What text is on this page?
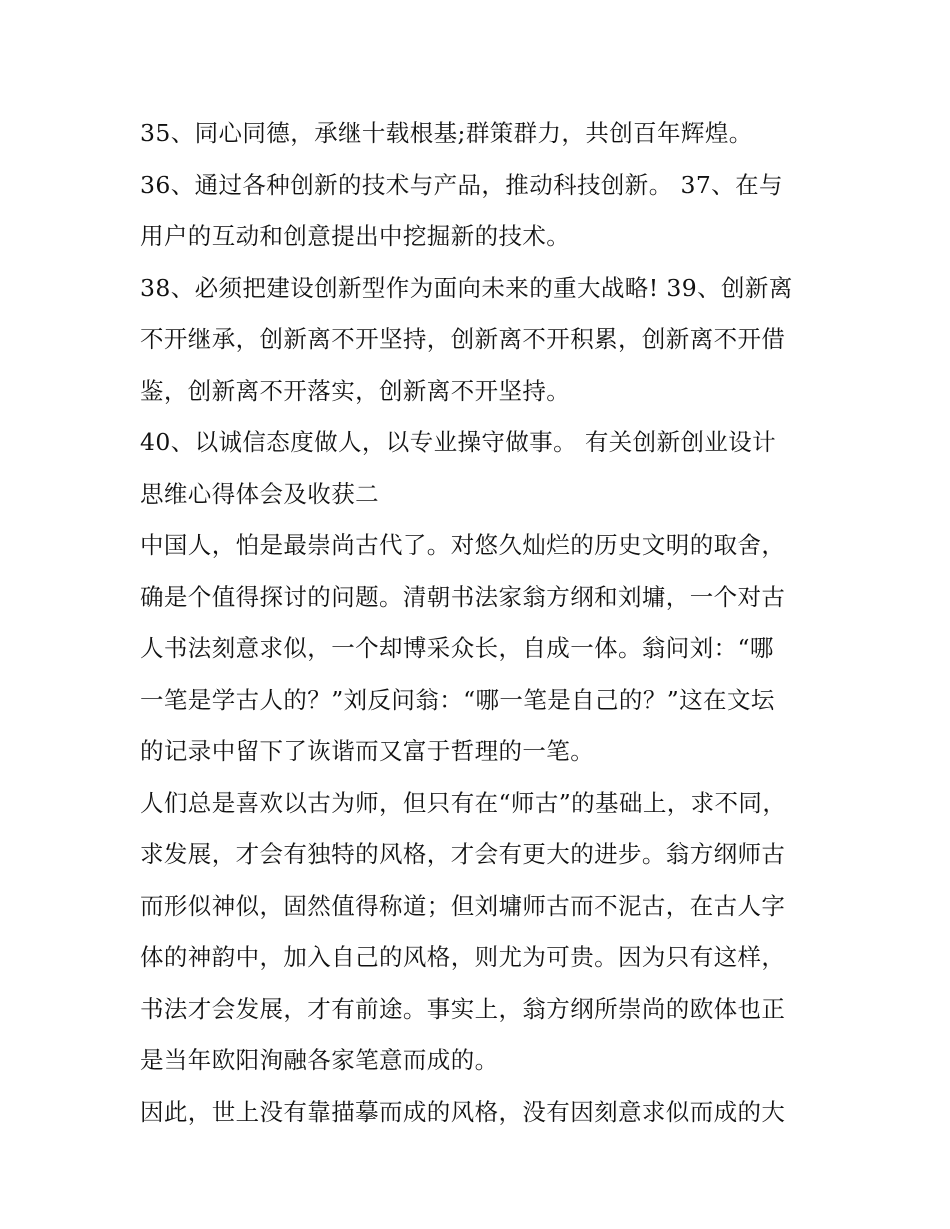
35、同心同德，承继十载根基;群策群力，共创百年辉煌。

36、通过各种创新的技术与产品，推动科技创新。 37、在与

用户的互动和创意提出中挖掘新的技术。

38、必须把建设创新型作为面向未来的重大战略! 39、创新离

不开继承，创新离不开坚持，创新离不开积累，创新离不开借

鉴，创新离不开落实，创新离不开坚持。

40、以诚信态度做人，以专业操守做事。 有关创新创业设计

思维心得体会及收获二

中国人，怕是最崇尚古代了。对悠久灿烂的历史文明的取舍，

确是个值得探讨的问题。清朝书法家翁方纲和刘墉，一个对古

人书法刻意求似，一个却博采众长，自成一体。翁问刘：“哪

一笔是学古人的？”刘反问翁：“哪一笔是自己的？”这在文坛

的记录中留下了诙谐而又富于哲理的一笔。

人们总是喜欢以古为师，但只有在“师古”的基础上，求不同，

求发展，才会有独特的风格，才会有更大的进步。翁方纲师古

而形似神似，固然值得称道；但刘墉师古而不泥古，在古人字

体的神韵中，加入自己的风格，则尤为可贵。因为只有这样，

书法才会发展，才有前途。事实上，翁方纲所崇尚的欧体也正

是当年欧阳洵融各家笔意而成的。

因此，世上没有靠描摹而成的风格，没有因刻意求似而成的大
